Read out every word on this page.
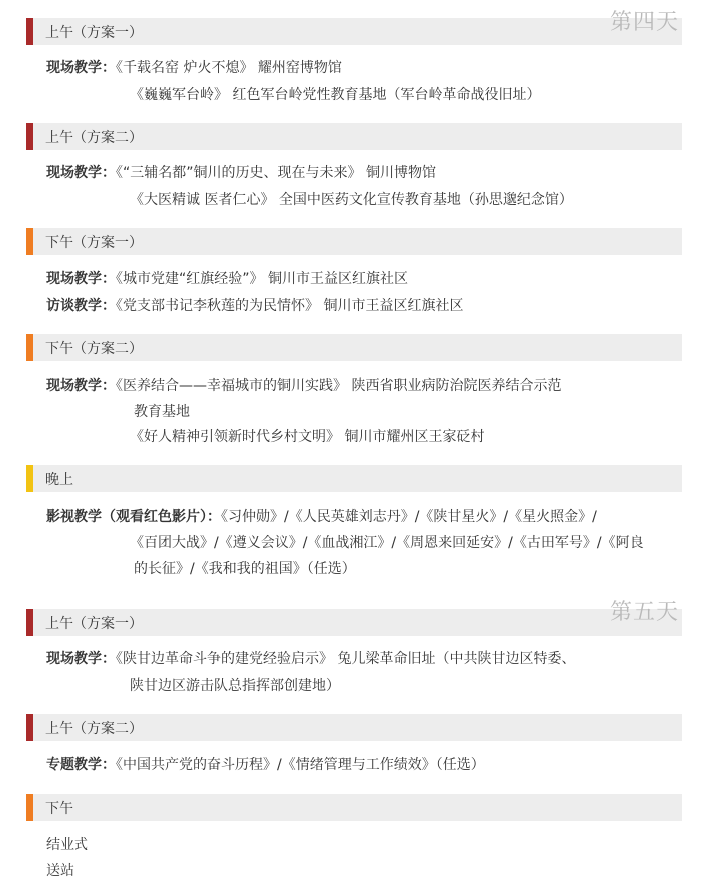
第四天
上午（方案一）
现场教学：《千载名窑 炉火不熄》 耀州窑博物馆
《巍巍军台岭》 红色军台岭党性教育基地（军台岭革命战役旧址）
上午（方案二）
现场教学：《“三辅名都”铜川的历史、现在与未来》 铜川博物馆
《大医精诚 医者仁心》 全国中医药文化宣传教育基地（孙思邈纪念馆）
下午（方案一）
现场教学：《城市党建“红旗经验”》 铜川市王益区红旗社区
访谈教学：《党支部书记李秋莲的为民情怀》 铜川市王益区红旗社区
下午（方案二）
现场教学：《医养结合——幸福城市的铜川实践》 陕西省职业病防治院医养结合示范
教育基地
《好人精神引领新时代乡村文明》 铜川市耀州区王家砭村
晚上
影视教学（观看红色影片）：《习仲勋》/《人民英雄刘志丹》/《陕甘星火》/《星火照金》/
《百团大战》/《遵义会议》/《血战湘江》/《周恩来回延安》/《古田军号》/《阿良
的长征》/《我和我的祖国》（任选）
第五天
上午（方案一）
现场教学：《陕甘边革命斗争的建党经验启示》 兔儿梁革命旧址（中共陕甘边区特委、
陕甘边区游击队总指挥部创建地）
上午（方案二）
专题教学：《中国共产党的奋斗历程》/《情绪管理与工作绩效》（任选）
下午
结业式
送站
